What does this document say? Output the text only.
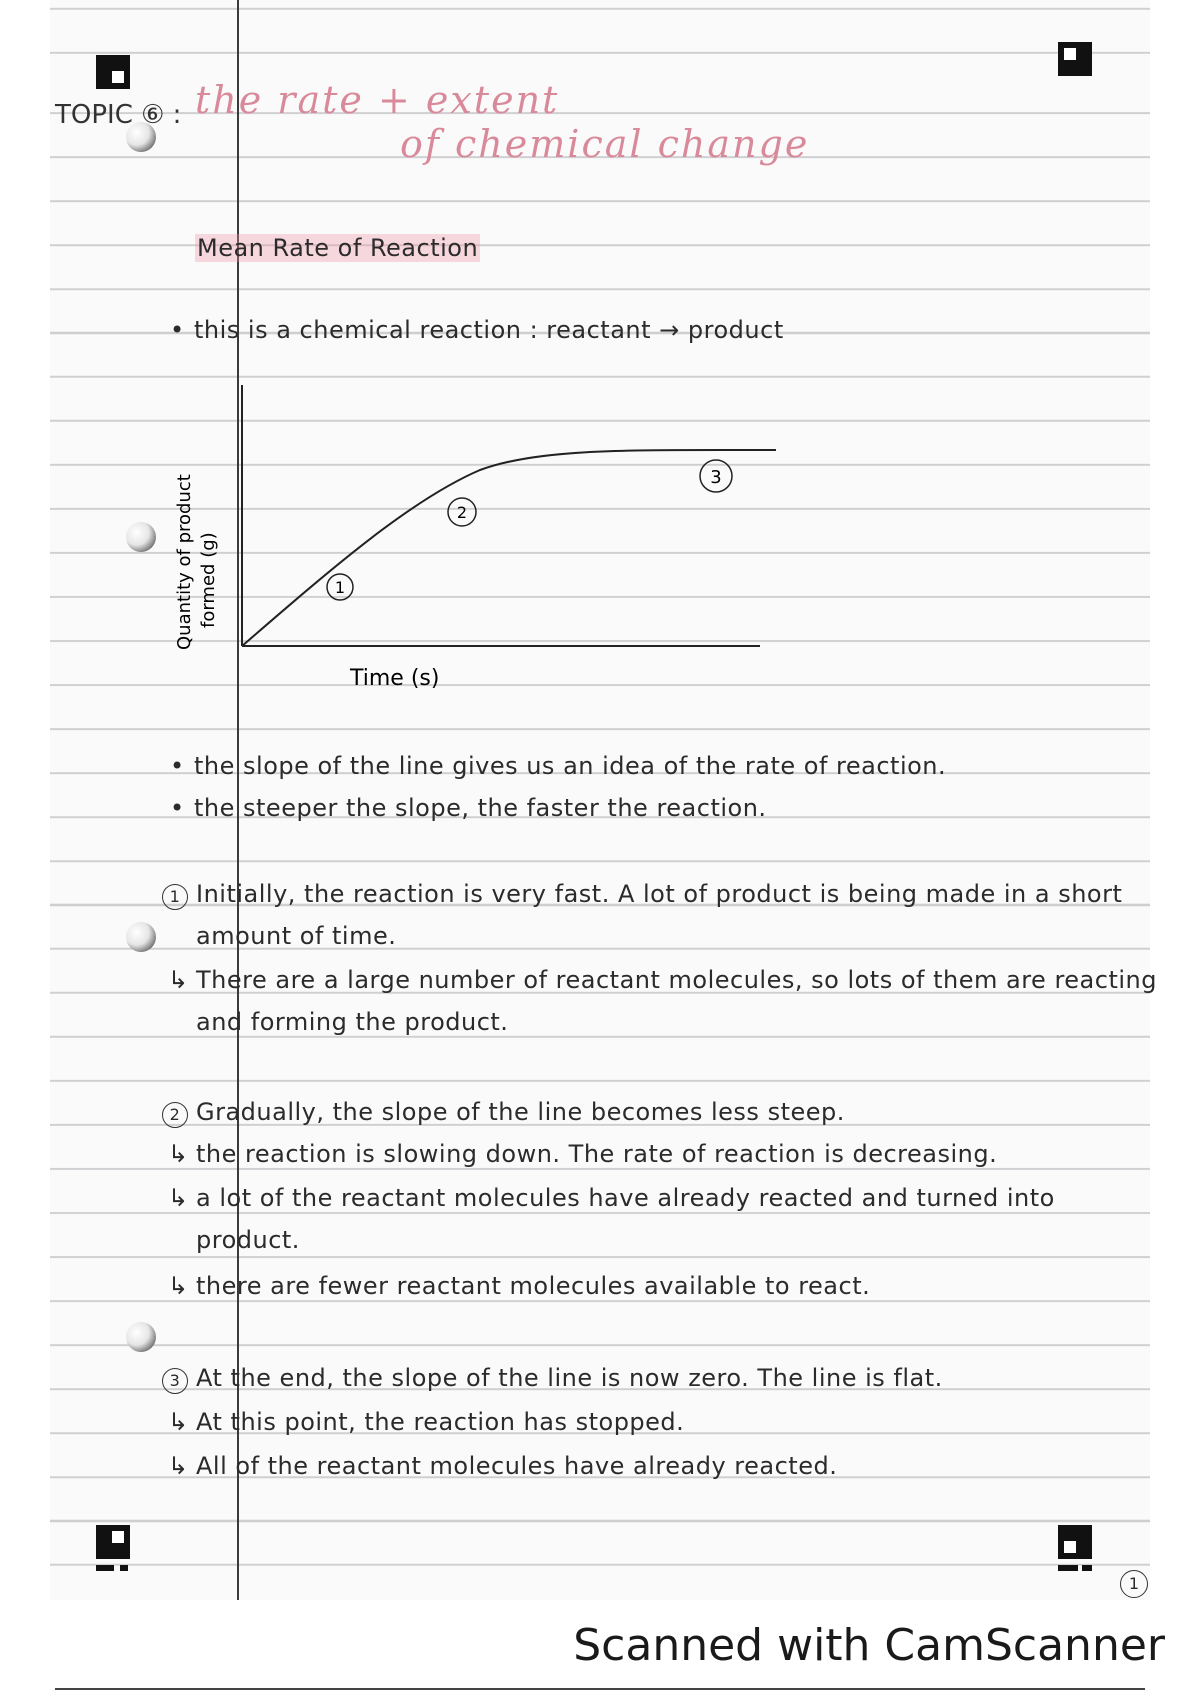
TOPIC ⑥ : the rate + extent
of chemical change
Mean Rate of Reaction
• this is a chemical reaction : reactant → product
1
2
3
Time (s)
Quantity of product formed (g)
• the slope of the line gives us an idea of the rate of reaction.
• the steeper the slope, the faster the reaction.
1 Initially, the reaction is very fast. A lot of product is being made in a short
amount of time.
↳ There are a large number of reactant molecules, so lots of them are reacting
and forming the product.
2 Gradually, the slope of the line becomes less steep.
↳ the reaction is slowing down. The rate of reaction is decreasing.
↳ a lot of the reactant molecules have already reacted and turned into
product.
↳ there are fewer reactant molecules available to react.
3 At the end, the slope of the line is now zero. The line is flat.
↳ At this point, the reaction has stopped.
↳ All of the reactant molecules have already reacted.
1
Scanned with CamScanner
